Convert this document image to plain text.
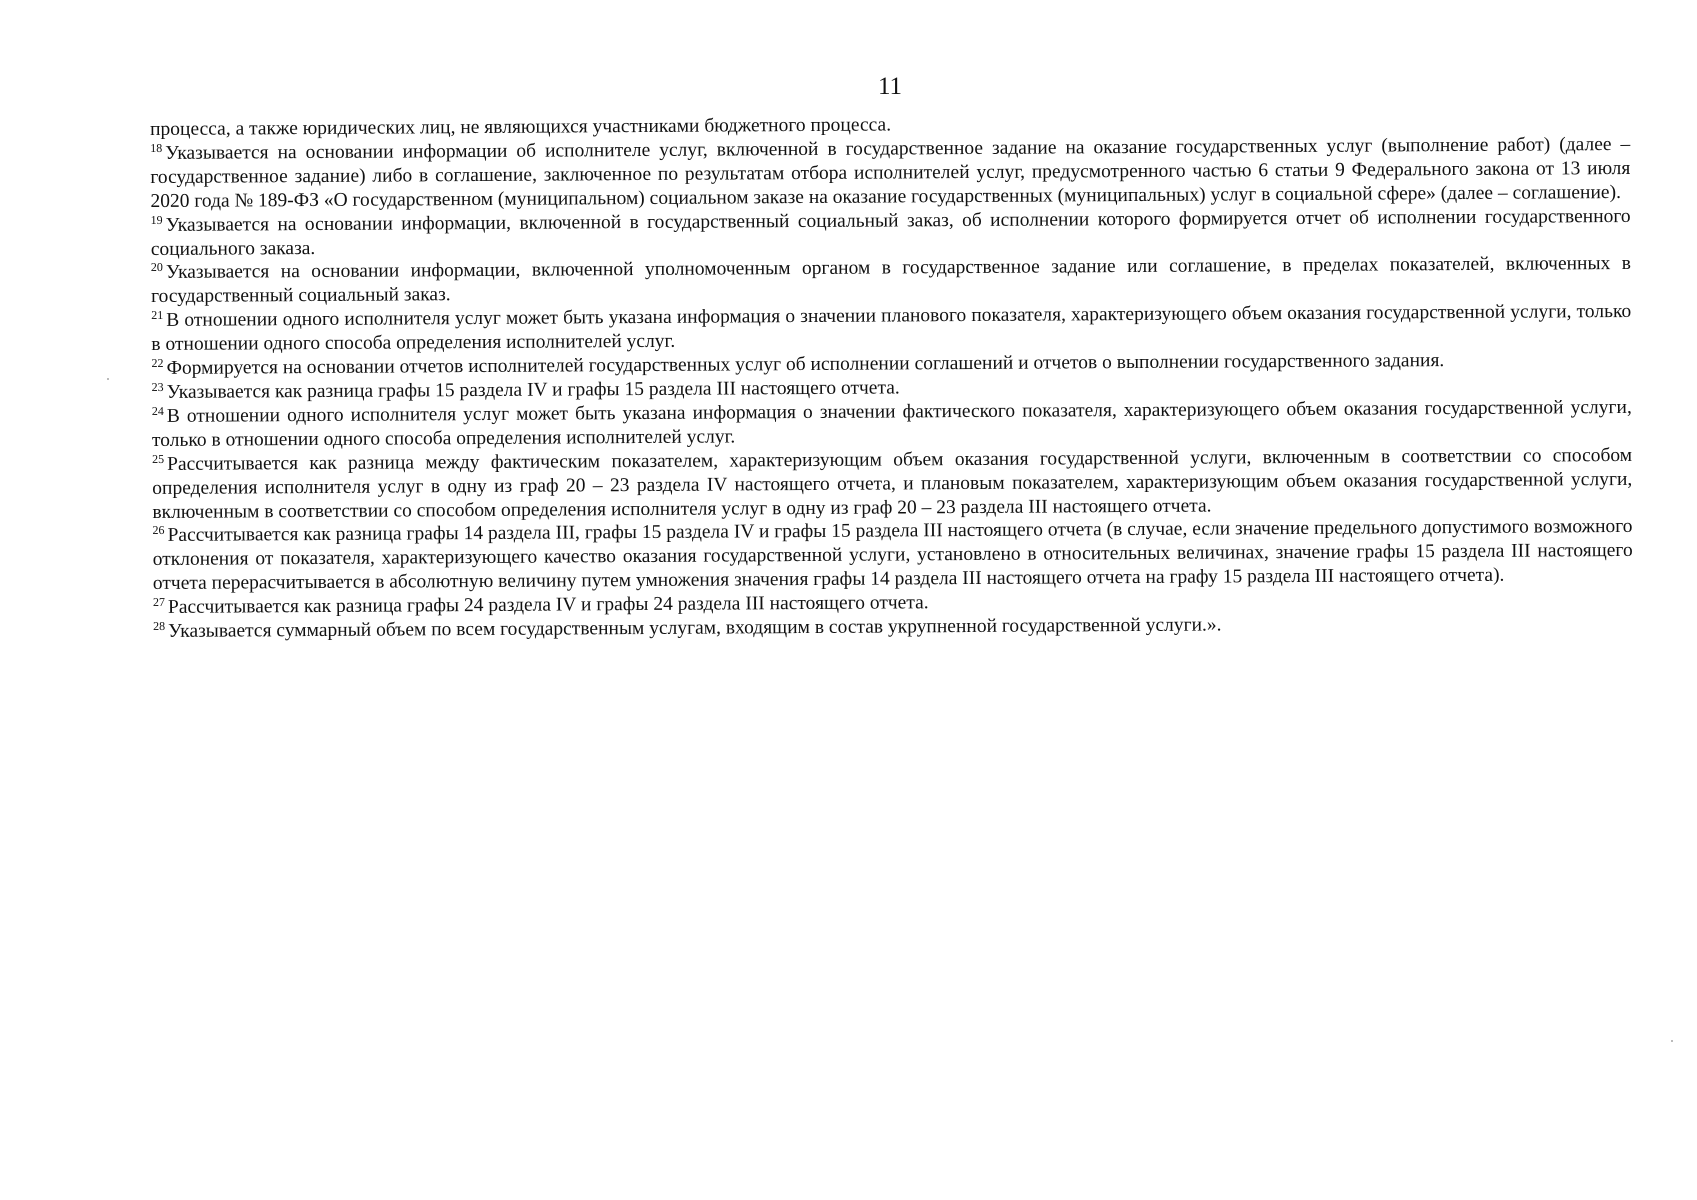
11

процесса, а также юридических лиц, не являющихся участниками бюджетного процесса.

$^{18}$ Указывается на основании информации об исполнителе услуг, включенной в государственное задание на оказание государственных услуг (выполнение работ) (далее – государственное задание) либо в соглашение, заключенное по результатам отбора исполнителей услуг, предусмотренного частью 6 статьи 9 Федерального закона от 13 июля 2020 года № 189-ФЗ «О государственном (муниципальном) социальном заказе на оказание государственных (муниципальных) услуг в социальной сфере» (далее – соглашение).

$^{19}$ Указывается на основании информации, включенной в государственный социальный заказ, об исполнении которого формируется отчет об исполнении государственного социального заказа.

$^{20}$ Указывается на основании информации, включенной уполномоченным органом в государственное задание или соглашение, в пределах показателей, включенных в государственный социальный заказ.

$^{21}$ В отношении одного исполнителя услуг может быть указана информация о значении планового показателя, характеризующего объем оказания государственной услуги, только в отношении одного способа определения исполнителей услуг.

$^{22}$ Формируется на основании отчетов исполнителей государственных услуг об исполнении соглашений и отчетов о выполнении государственного задания.

$^{23}$ Указывается как разница графы 15 раздела IV и графы 15 раздела III настоящего отчета.

$^{24}$ В отношении одного исполнителя услуг может быть указана информация о значении фактического показателя, характеризующего объем оказания государственной услуги, только в отношении одного способа определения исполнителей услуг.

$^{25}$ Рассчитывается как разница между фактическим показателем, характеризующим объем оказания государственной услуги, включенным в соответствии со способом определения исполнителя услуг в одну из граф 20 – 23 раздела IV настоящего отчета, и плановым показателем, характеризующим объем оказания государственной услуги, включенным в соответствии со способом определения исполнителя услуг в одну из граф 20 – 23 раздела III настоящего отчета.

$^{26}$ Рассчитывается как разница графы 14 раздела III, графы 15 раздела IV и графы 15 раздела III настоящего отчета (в случае, если значение предельного допустимого возможного отклонения от показателя, характеризующего качество оказания государственной услуги, установлено в относительных величинах, значение графы 15 раздела III настоящего отчета перерасчитывается в абсолютную величину путем умножения значения графы 14 раздела III настоящего отчета на графу 15 раздела III настоящего отчета).

$^{27}$ Рассчитывается как разница графы 24 раздела IV и графы 24 раздела III настоящего отчета.

$^{28}$ Указывается суммарный объем по всем государственным услугам, входящим в состав укрупненной государственной услуги.».
